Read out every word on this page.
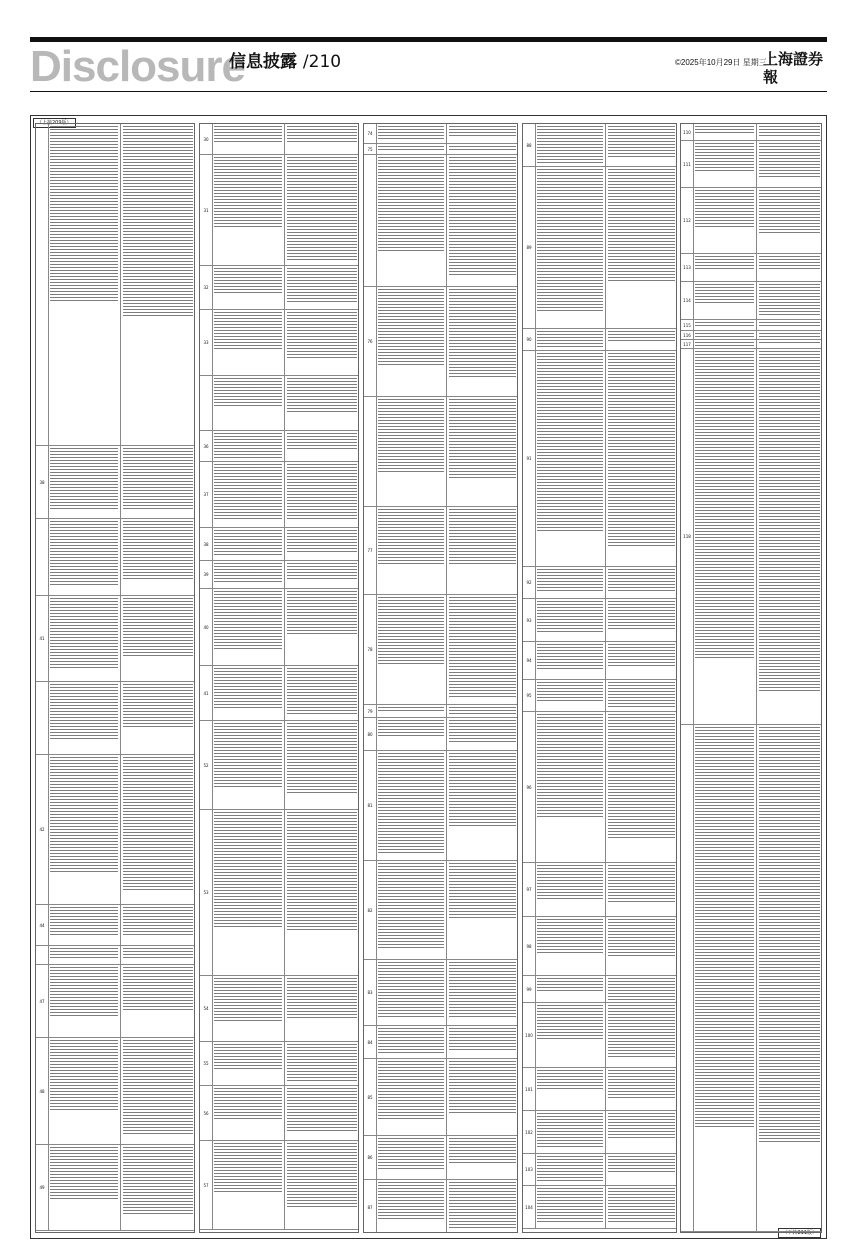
Disclosure
信息披露 /210	©2025年10月29日 星期三
上海證券報
（上接209版）
（下转211版）
38
41
42
44
47
48
49
30
31
32
33
36
37
38
39
40
41
52
53
54
55
56
57
74
75
76
77
78
79
80
81
82
83
84
85
86
87
88
89
90
91
92
93
94
95
96
97
98
99
100
101
102
103
104
110
111
112
113
114
115
116
117
118
